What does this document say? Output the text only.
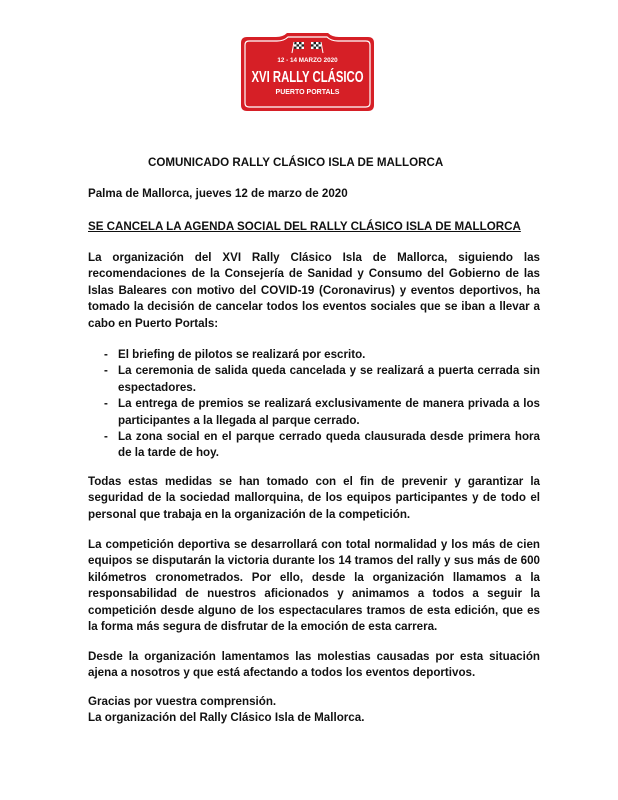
12 - 14 MARZO 2020
XVI RALLY CLÁSICO
PUERTO PORTALS

COMUNICADO RALLY CLÁSICO ISLA DE MALLORCA

Palma de Mallorca, jueves 12 de marzo de 2020

SE CANCELA LA AGENDA SOCIAL DEL RALLY CLÁSICO ISLA DE MALLORCA

La organización del XVI Rally Clásico Isla de Mallorca, siguiendo las recomendaciones de la Consejería de Sanidad y Consumo del Gobierno de las Islas Baleares con motivo del COVID-19 (Coronavirus) y eventos deportivos, ha tomado la decisión de cancelar todos los eventos sociales que se iban a llevar a cabo en Puerto Portals:

- El briefing de pilotos se realizará por escrito.
- La ceremonia de salida queda cancelada y se realizará a puerta cerrada sin espectadores.
- La entrega de premios se realizará exclusivamente de manera privada a los participantes a la llegada al parque cerrado.
- La zona social en el parque cerrado queda clausurada desde primera hora de la tarde de hoy.

Todas estas medidas se han tomado con el fin de prevenir y garantizar la seguridad de la sociedad mallorquina, de los equipos participantes y de todo el personal que trabaja en la organización de la competición.

La competición deportiva se desarrollará con total normalidad y los más de cien equipos se disputarán la victoria durante los 14 tramos del rally y sus más de 600 kilómetros cronometrados. Por ello, desde la organización llamamos a la responsabilidad de nuestros aficionados y animamos a todos a seguir la competición desde alguno de los espectaculares tramos de esta edición, que es la forma más segura de disfrutar de la emoción de esta carrera.

Desde la organización lamentamos las molestias causadas por esta situación ajena a nosotros y que está afectando a todos los eventos deportivos.

Gracias por vuestra comprensión.
La organización del Rally Clásico Isla de Mallorca.
